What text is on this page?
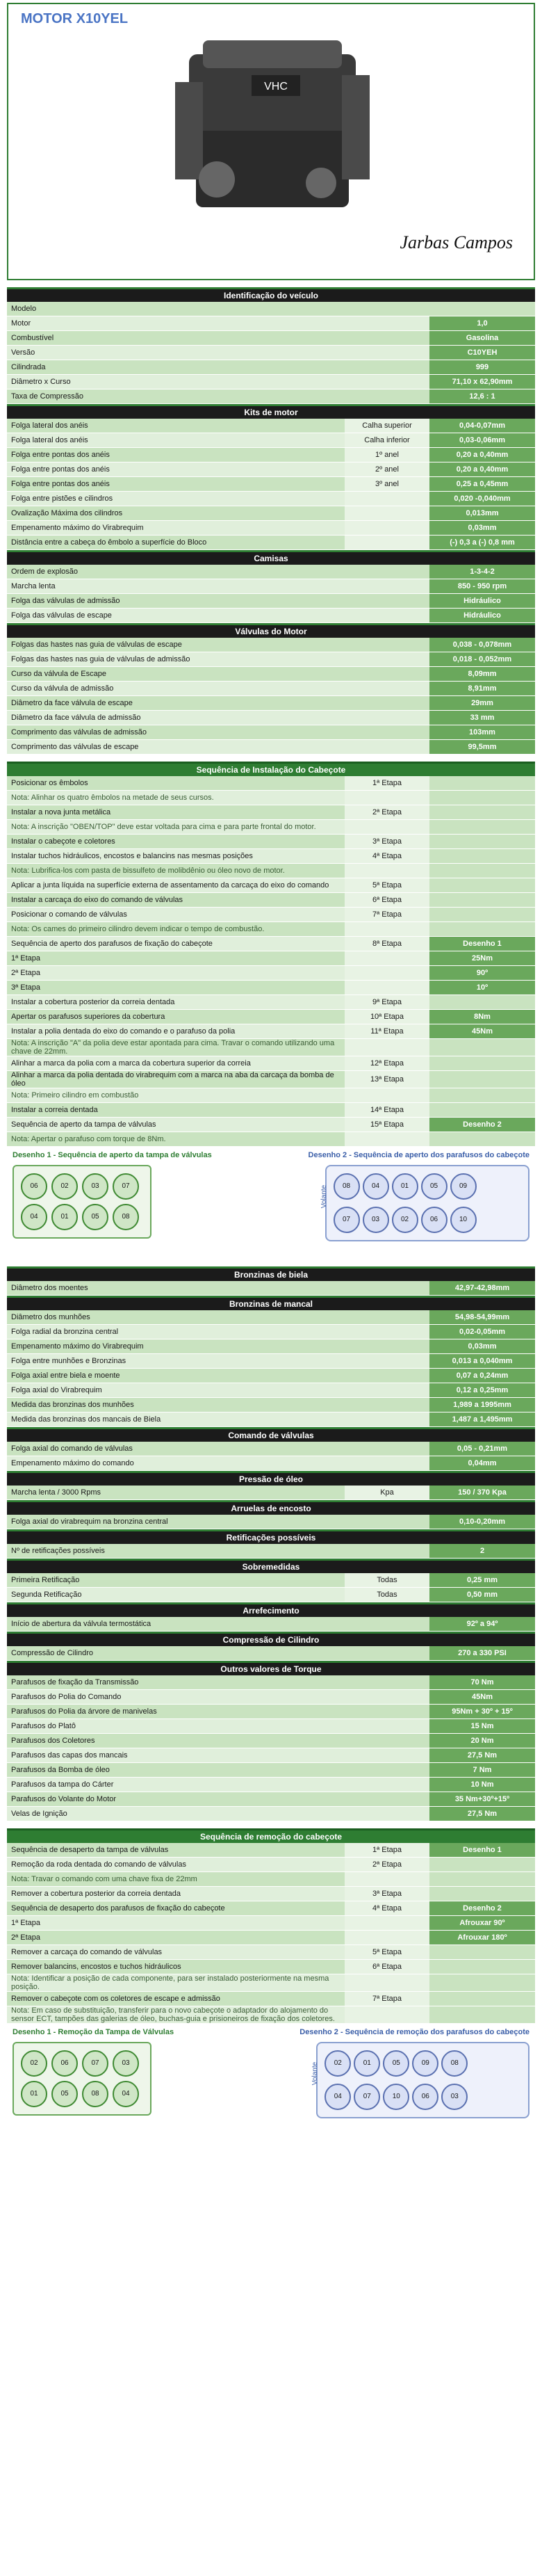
MOTOR X10YEL
VHC
Jarbas Campos
Identificação do veículo
Modelo	
Motor	1,0
Combustível	Gasolina
Versão	C10YEH
Cilindrada	999
Diâmetro x Curso	71,10 x 62,90mm
Taxa de Compressão	12,6 : 1
Kits de motor
Folga lateral dos anéis	Calha superior	0,04-0,07mm
Folga lateral dos anéis	Calha inferior	0,03-0,06mm
Folga entre pontas dos anéis	1º anel	0,20 a 0,40mm
Folga entre pontas dos anéis	2º anel	0,20 a 0,40mm
Folga entre pontas dos anéis	3º anel	0,25 a 0,45mm
Folga entre pistões e cilindros		0,020 -0,040mm
Ovalização Máxima dos cilindros		0,013mm
Empenamento máximo do Virabrequim		0,03mm
Distância entre a cabeça do êmbolo a superfície do Bloco		(-) 0,3 a (-) 0,8 mm
Camisas
Ordem de explosão	1-3-4-2
Marcha lenta	850 - 950 rpm
Folga das válvulas de admissão	Hidráulico
Folga das válvulas de escape	Hidráulico
Válvulas do Motor
Folgas das hastes nas guia de válvulas de escape	0,038 - 0,078mm
Folgas das hastes nas guia de válvulas de admissão	0,018 - 0,052mm
Curso da válvula de Escape	8,09mm
Curso da válvula de admissão	8,91mm
Diâmetro da face válvula de escape	29mm
Diâmetro da face válvula de admissão	33 mm
Comprimento das válvulas de admissão	103mm
Comprimento das válvulas de escape	99,5mm
Sequência de Instalação do Cabeçote
Posicionar os êmbolos	1ª Etapa	
Nota: Alinhar os quatro êmbolos na metade de seus cursos.		
Instalar a nova junta metálica	2ª Etapa	
Nota: A inscrição "OBEN/TOP" deve estar voltada para cima e para parte frontal do motor.		
Instalar o cabeçote e coletores	3ª Etapa	
Instalar tuchos hidráulicos, encostos e balancins nas mesmas posições	4ª Etapa	
Nota: Lubrifica-los com pasta de bissulfeto de molibdênio ou óleo novo de motor.		
Aplicar a junta líquida na superfície externa de assentamento da carcaça do eixo do comando	5ª Etapa	
Instalar a carcaça do eixo do comando de válvulas	6ª Etapa	
Posicionar o comando de válvulas	7ª Etapa	
Nota: Os cames do primeiro cilindro devem indicar o tempo de combustão.		
Sequência de aperto dos parafusos de fixação do cabeçote	8ª Etapa	Desenho 1
1ª Etapa		25Nm
2ª Etapa		90º
3ª Etapa		10º
Instalar a cobertura posterior da correia dentada	9ª Etapa	
Apertar os parafusos superiores da cobertura	10ª Etapa	8Nm
Instalar a polia dentada do eixo do comando e o parafuso da polia	11ª Etapa	45Nm
Nota: A inscrição "A" da polia deve estar apontada para cima. Travar o comando utilizando uma chave de 22mm.		
Alinhar a marca da polia com a marca da cobertura superior da correia	12ª Etapa	
Alinhar a marca da polia dentada do virabrequim com a marca na aba da carcaça da bomba de óleo	13ª Etapa	
Nota: Primeiro cilindro em combustão		
Instalar a correia dentada	14ª Etapa	
Sequência de aperto da tampa de válvulas	15ª Etapa	Desenho 2
Nota: Apertar o parafuso com torque de 8Nm.		
Desenho 1 - Sequência de aperto da tampa de válvulas
06	02	03	07
04	01	05	08
Desenho 2 - Sequência de aperto dos parafusos do cabeçote
Volante	08	04	01	05	09
07	03	02	06	10
Bronzinas de biela
Diâmetro dos moentes	42,97-42,98mm
Bronzinas de mancal
Diâmetro dos munhões	54,98-54,99mm
Folga radial da bronzina central	0,02-0,05mm
Empenamento máximo do Virabrequim	0,03mm
Folga entre munhões e Bronzinas	0,013 a 0,040mm
Folga axial entre biela e moente	0,07 a 0,24mm
Folga axial do Virabrequim	0,12 a 0,25mm
Medida das bronzinas dos munhões	1,989 a 1995mm
Medida das bronzinas dos mancais de Biela	1,487 a 1,495mm
Comando de válvulas
Folga axial do comando de válvulas	0,05 - 0,21mm
Empenamento máximo do comando	0,04mm
Pressão de óleo
Marcha lenta / 3000 Rpms	Kpa	150 / 370 Kpa
Arruelas de encosto
Folga axial do virabrequim na bronzina central	0,10-0,20mm
Retificações possíveis
Nº de retificações possíveis	2
Sobremedidas
Primeira Retificação	Todas	0,25 mm
Segunda Retificação	Todas	0,50 mm
Arrefecimento
Início de abertura da válvula termostática	92º a 94º
Compressão de Cilindro
Compressão de Cilindro	270 a 330 PSI
Outros valores de Torque
Parafusos de fixação da Transmissão	70 Nm
Parafusos do Polia do Comando	45Nm
Parafusos do Polia da árvore de manivelas	95Nm + 30º + 15º
Parafusos do Platô	15 Nm
Parafusos dos Coletores	20 Nm
Parafusos das capas dos mancais	27,5 Nm
Parafusos da Bomba de óleo	7 Nm
Parafusos da tampa do Cárter	10 Nm
Parafusos do Volante do Motor	35 Nm+30º+15º
Velas de Ignição	27,5 Nm
Sequência de remoção do cabeçote
Sequência de desaperto da tampa de válvulas	1ª Etapa	Desenho 1
Remoção da roda dentada do comando de válvulas	2ª Etapa	
Nota: Travar o comando com uma chave fixa de 22mm		
Remover a cobertura posterior da correia dentada	3ª Etapa	
Sequência de desaperto dos parafusos de fixação do cabeçote	4ª Etapa	Desenho 2
1ª Etapa		Afrouxar 90º
2ª Etapa		Afrouxar 180º
Remover a carcaça do comando de válvulas	5ª Etapa	
Remover balancins, encostos e tuchos hidráulicos	6ª Etapa	
Nota: Identificar a posição de cada componente, para ser instalado posteriormente na mesma posição.		
Remover o cabeçote com os coletores de escape e admissão	7ª Etapa	
Nota: Em caso de substituição, transferir para o novo cabeçote o adaptador do alojamento do sensor ECT, tampões das galerias de óleo, buchas-guia e prisioneiros de fixação dos coletores.		
Desenho 1 - Remoção da Tampa de Válvulas
02	06	07	03
01	05	08	04
Desenho 2 - Sequência de remoção dos parafusos do cabeçote
Volante	02	01	05	09	08
04	07	10	06	03
